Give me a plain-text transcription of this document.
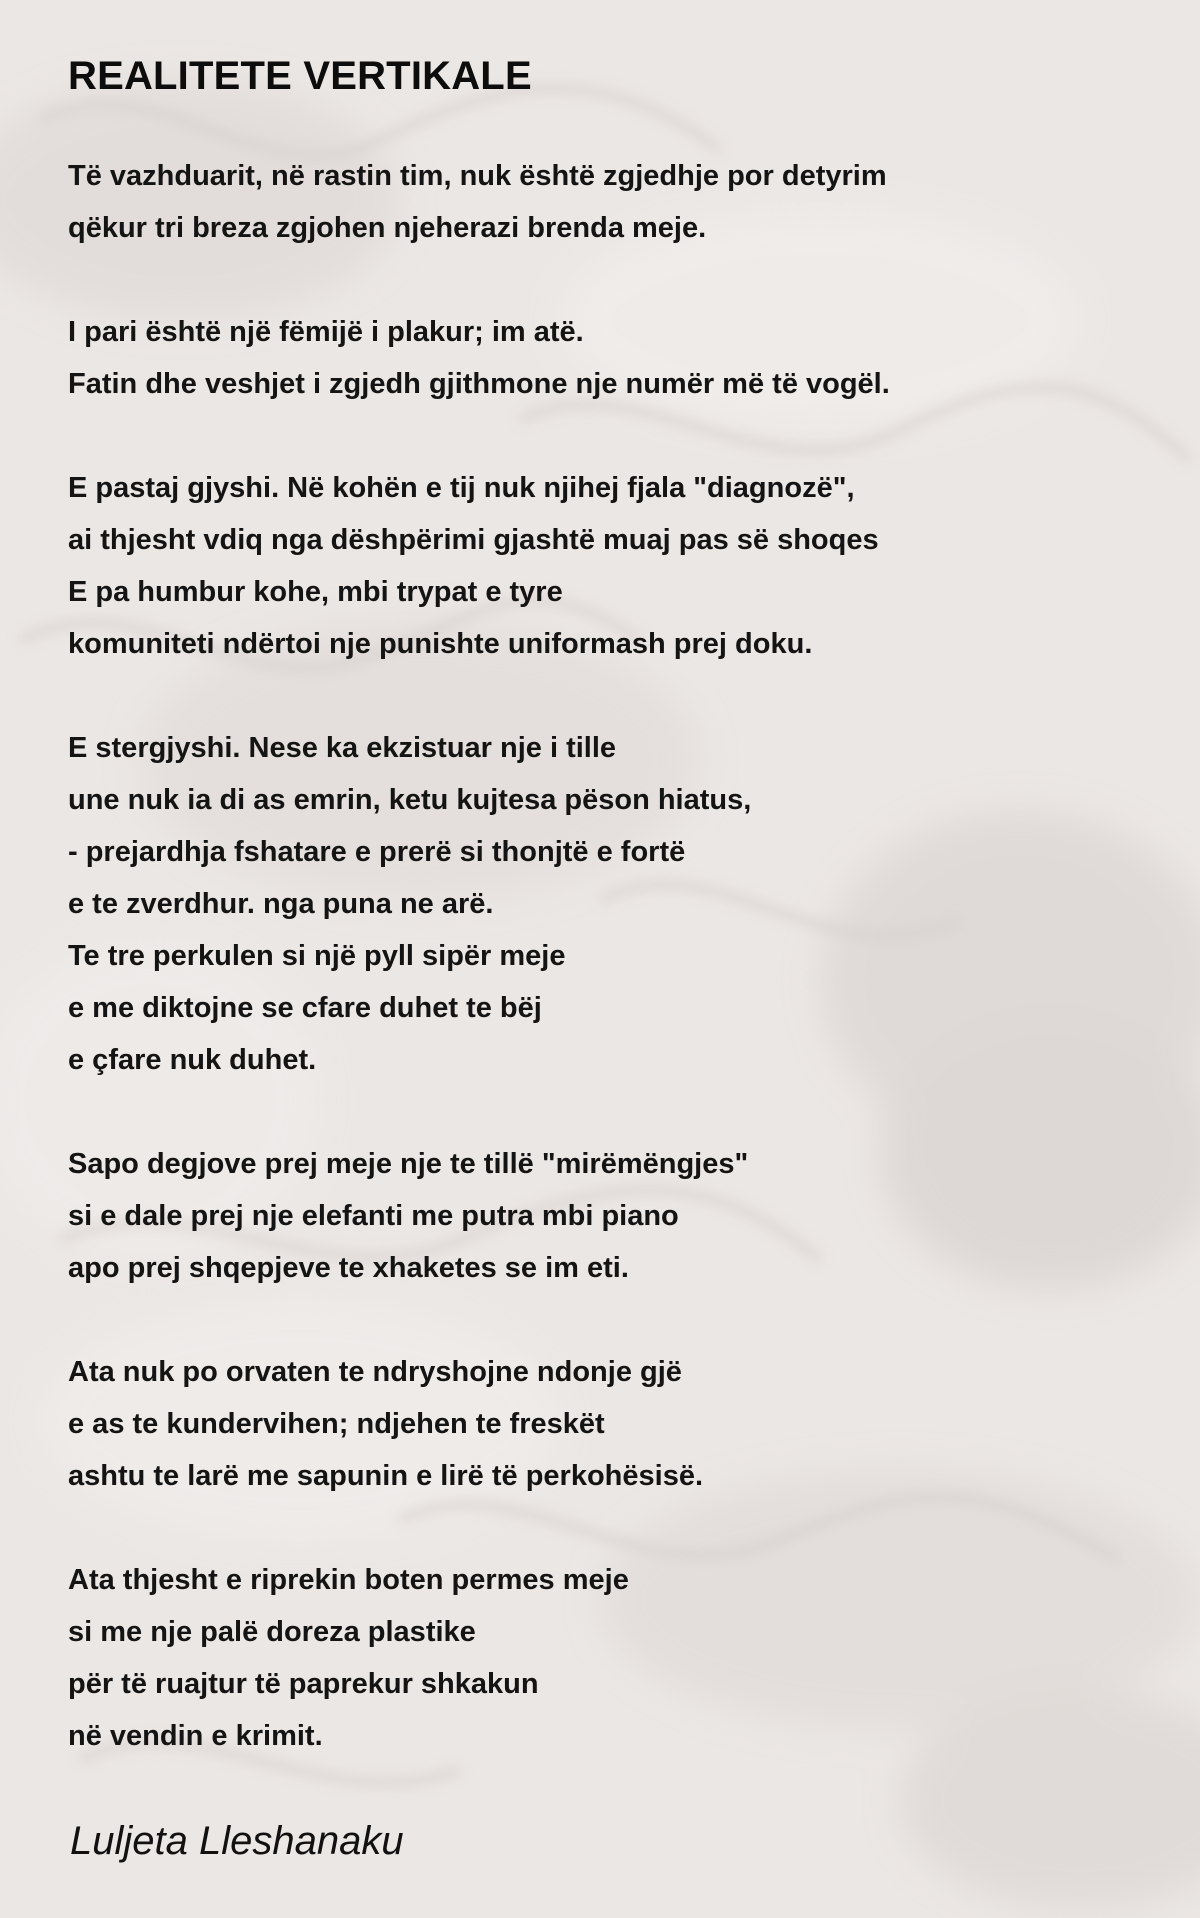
REALITETE VERTIKALE
Të vazhduarit, në rastin tim, nuk është zgjedhje por detyrim
qëkur tri breza zgjohen njeherazi brenda meje.
I pari është një fëmijë i plakur; im atë.
Fatin dhe veshjet i zgjedh gjithmone nje numër më të vogël.
E pastaj gjyshi. Në kohën e tij nuk njihej fjala "diagnozë",
ai thjesht vdiq nga dëshpërimi gjashtë muaj pas së shoqes
E pa humbur kohe, mbi trypat e tyre
komuniteti ndërtoi nje punishte uniformash prej doku.
E stergjyshi. Nese ka ekzistuar nje i tille
une nuk ia di as emrin, ketu kujtesa pëson hiatus,
- prejardhja fshatare e prerë si thonjtë e fortë
e te zverdhur. nga puna ne arë.
Te tre perkulen si një pyll sipër meje
e me diktojne se cfare duhet te bëj
e çfare nuk duhet.
Sapo degjove prej meje nje te tillë "mirëmëngjes"
si e dale prej nje elefanti me putra mbi piano
apo prej shqepjeve te xhaketes se im eti.
Ata nuk po orvaten te ndryshojne ndonje gjë
e as te kundervihen; ndjehen te freskët
ashtu te larë me sapunin e lirë të perkohësisë.
Ata thjesht e riprekin boten permes meje
si me nje palë doreza plastike
për të ruajtur të paprekur shkakun
në vendin e krimit.
Luljeta Lleshanaku
